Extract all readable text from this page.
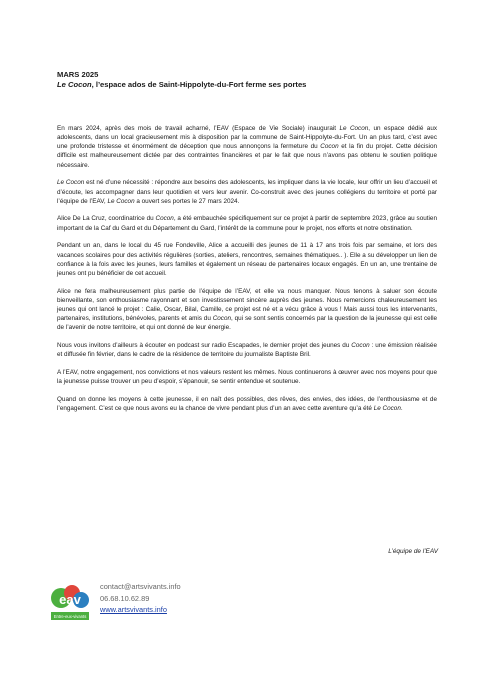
MARS 2025

Le Cocon, l’espace ados de Saint-Hippolyte-du-Fort ferme ses portes

En mars 2024, après des mois de travail acharné, l’EAV (Espace de Vie Sociale) inaugurait Le Cocon, un espace dédié aux adolescents, dans un local gracieusement mis à disposition par la commune de Saint-Hippolyte-du-Fort. Un an plus tard, c’est avec une profonde tristesse et énormément de déception que nous annonçons la fermeture du Cocon et la fin du projet. Cette décision difficile est malheureusement dictée par des contraintes financières et par le fait que nous n’avons pas obtenu le soutien politique nécessaire.

Le Cocon est né d’une nécessité : répondre aux besoins des adolescents, les impliquer dans la vie locale, leur offrir un lieu d’accueil et d’écoute, les accompagner dans leur quotidien et vers leur avenir. Co-construit avec des jeunes collégiens du territoire et porté par l’équipe de l’EAV, Le Cocon a ouvert ses portes le 27 mars 2024.

Alice De La Cruz, coordinatrice du Cocon, a été embauchée spécifiquement sur ce projet à partir de septembre 2023, grâce au soutien important de la Caf du Gard et du Département du Gard, l’intérêt de la commune pour le projet, nos efforts et notre obstination.

Pendant un an, dans le local du 45 rue Fondeville, Alice a accueilli des jeunes de 11 à 17 ans trois fois par semaine, et lors des vacances scolaires pour des activités régulières (sorties, ateliers, rencontres, semaines thématiques.. ). Elle a su développer un lien de confiance à la fois avec les jeunes, leurs familles et également un réseau de partenaires locaux engagés. En un an, une trentaine de jeunes ont pu bénéficier de cet accueil.

Alice ne fera malheureusement plus partie de l’équipe de l’EAV, et elle va nous manquer. Nous tenons à saluer son écoute bienveillante, son enthousiasme rayonnant et son investissement sincère auprès des jeunes. Nous remercions chaleureusement les jeunes qui ont lancé le projet : Calie, Oscar, Bilal, Camille, ce projet est né et a vécu grâce à vous ! Mais aussi tous les intervenants, partenaires, institutions, bénévoles, parents et amis du Cocon, qui se sont sentis concernés par la question de la jeunesse qui est celle de l’avenir de notre territoire, et qui ont donné de leur énergie.

Nous vous invitons d’ailleurs à écouter en podcast sur radio Escapades, le dernier projet des jeunes du Cocon : une émission réalisée et diffusée fin février, dans le cadre de la résidence de territoire du journaliste Baptiste Bril.

A l’EAV, notre engagement, nos convictions et nos valeurs restent les mêmes. Nous continuerons à œuvrer avec nos moyens pour que la jeunesse puisse trouver un peu d’espoir, s’épanouir, se sentir entendue et soutenue.

Quand on donne les moyens à cette jeunesse, il en naît des possibles, des rêves, des envies, des idées, de l’enthousiasme et de l’engagement. C’est ce que nous avons eu la chance de vivre pendant plus d’un an avec cette aventure qu’a été Le Cocon.

L’équipe de l’EAV
eav
Entre-eux-vivants
contact@artsvivants.info
06.68.10.62.89
www.artsvivants.info
